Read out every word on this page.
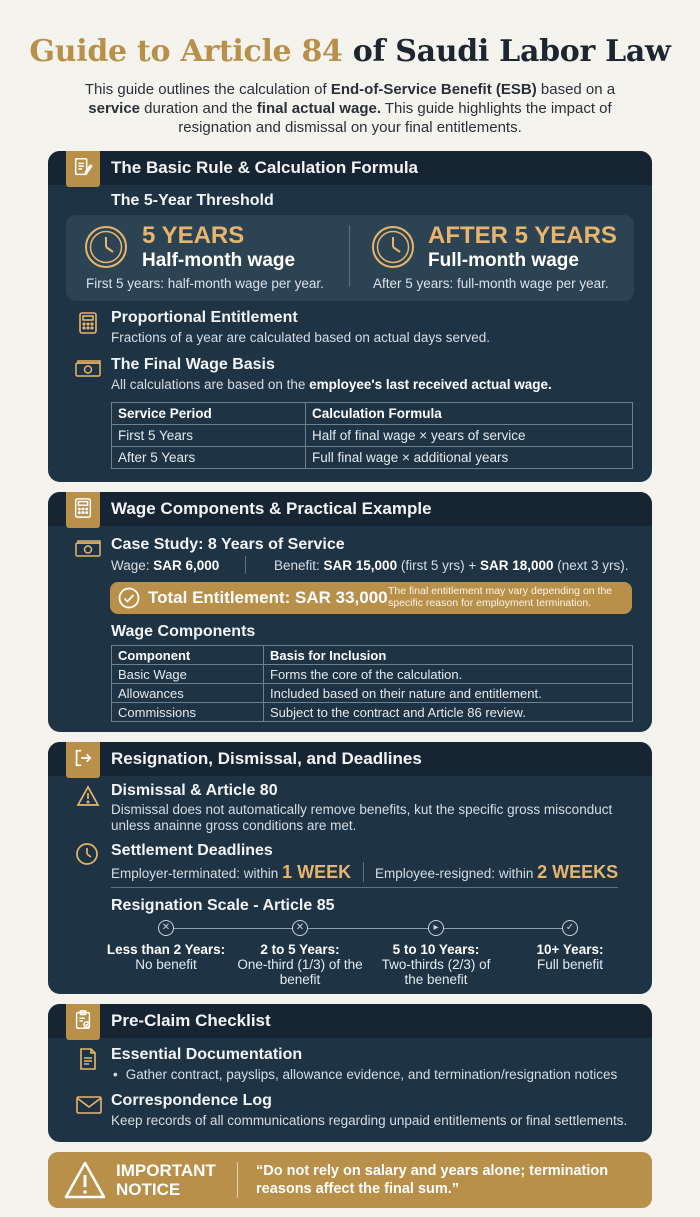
Guide to Article 84 of Saudi Labor Law
This guide outlines the calculation of End-of-Service Benefit (ESB) based on a service duration and the final actual wage. This guide highlights the impact of resignation and dismissal on your final entitlements.
The Basic Rule & Calculation Formula
The 5-Year Threshold
5 YEARS
Half-month wage
First 5 years: half-month wage per year.
AFTER 5 YEARS
Full-month wage
After 5 years: full-month wage per year.
Proportional Entitlement
Fractions of a year are calculated based on actual days served.
The Final Wage Basis
All calculations are based on the employee's last received actual wage.
Service Period	Calculation Formula
First 5 Years	Half of final wage × years of service
After 5 Years	Full final wage × additional years
Wage Components & Practical Example
Case Study: 8 Years of Service
Wage: SAR 6,000	Benefit: SAR 15,000 (first 5 yrs) + SAR 18,000 (next 3 yrs).
Total Entitlement: SAR 33,000 The final entitlement may vary depending on the specific reason for employment termination.
Wage Components
Component	Basis for Inclusion
Basic Wage	Forms the core of the calculation.
Allowances	Included based on their nature and entitlement.
Commissions	Subject to the contract and Article 86 review.
Resignation, Dismissal, and Deadlines
Dismissal & Article 80
Dismissal does not automatically remove benefits, kut the specific gross misconduct unless anainne gross conditions are met.
Settlement Deadlines
Employer-terminated: within 1 WEEK Employee-resigned: within 2 WEEKS
Resignation Scale - Article 85
✕	✕	▸	✓
Less than 2 Years:
No benefit
2 to 5 Years:
One-third (1/3) of the benefit
5 to 10 Years:
Two-thirds (2/3) of the benefit
10+ Years:
Full benefit
Pre-Claim Checklist
Essential Documentation
• Gather contract, payslips, allowance evidence, and termination/resignation notices
Correspondence Log
Keep records of all communications regarding unpaid entitlements or final settlements.
IMPORTANT NOTICE
“Do not rely on salary and years alone; termination reasons affect the final sum.”
